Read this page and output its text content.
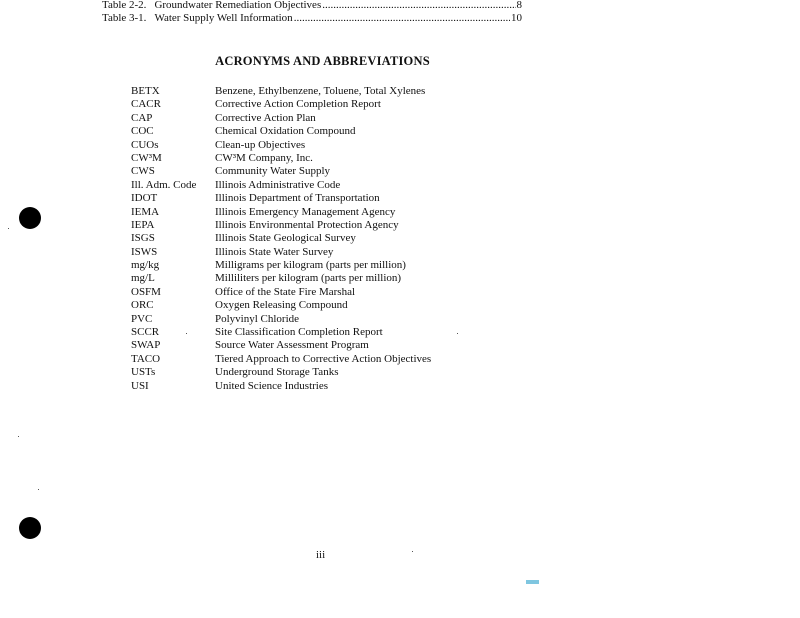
Table 2-2. Groundwater Remediation Objectives .....	8
Table 3-1. Water Supply Well Information .....	10
ACRONYMS AND ABBREVIATIONS
BETX	Benzene, Ethylbenzene, Toluene, Total Xylenes
CACR	Corrective Action Completion Report
CAP	Corrective Action Plan
COC	Chemical Oxidation Compound
CUOs	Clean-up Objectives
CW³M	CW³M Company, Inc.
CWS	Community Water Supply
Ill. Adm. Code	Illinois Administrative Code
IDOT	Illinois Department of Transportation
IEMA	Illinois Emergency Management Agency
IEPA	Illinois Environmental Protection Agency
ISGS	Illinois State Geological Survey
ISWS	Illinois State Water Survey
mg/kg	Milligrams per kilogram (parts per million)
mg/L	Milliliters per kilogram (parts per million)
OSFM	Office of the State Fire Marshal
ORC	Oxygen Releasing Compound
PVC	Polyvinyl Chloride
SCCR	Site Classification Completion Report
SWAP	Source Water Assessment Program
TACO	Tiered Approach to Corrective Action Objectives
USTs	Underground Storage Tanks
USI	United Science Industries
iii
